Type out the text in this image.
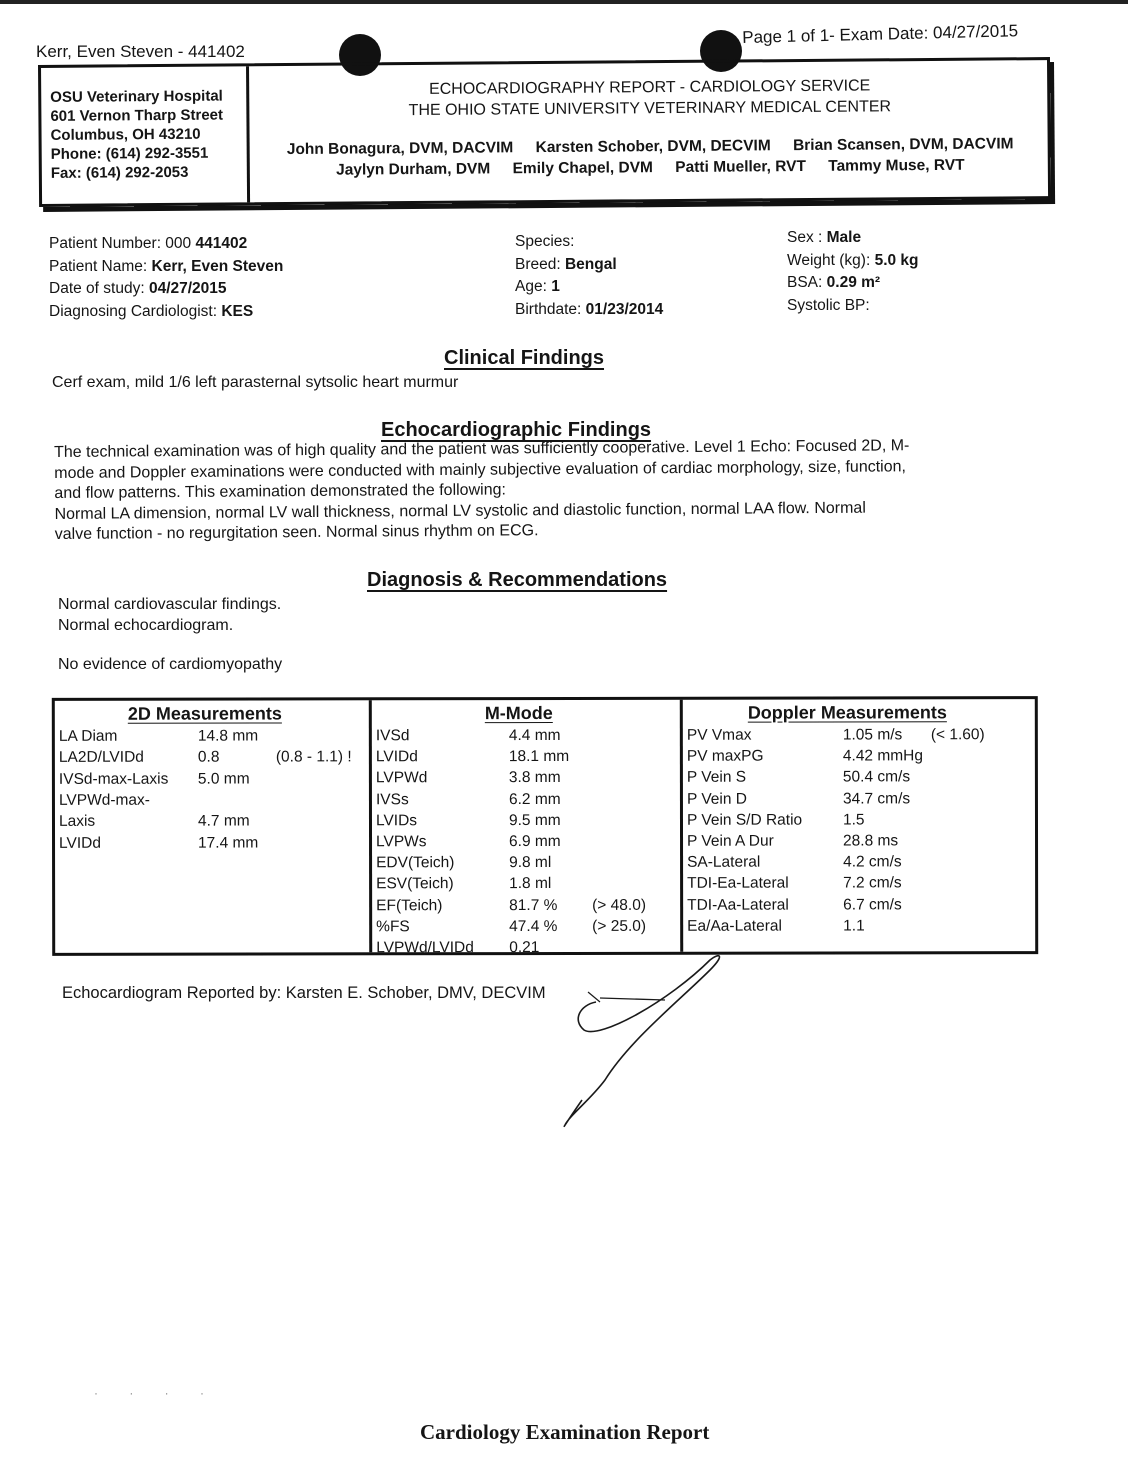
Kerr, Even Steven - 441402
Page 1 of 1- Exam Date: 04/27/2015
OSU Veterinary Hospital
601 Vernon Tharp Street
Columbus, OH 43210
Phone: (614) 292-3551
Fax: (614) 292-2053
ECHOCARDIOGRAPHY REPORT - CARDIOLOGY SERVICE
THE OHIO STATE UNIVERSITY VETERINARY MEDICAL CENTER
John Bonagura, DVM, DACVIM Karsten Schober, DVM, DECVIM Brian Scansen, DVM, DACVIM
Jaylyn Durham, DVM Emily Chapel, DVM Patti Mueller, RVT Tammy Muse, RVT
Patient Number: 000 441402
Patient Name: Kerr, Even Steven
Date of study: 04/27/2015
Diagnosing Cardiologist: KES
Species:
Breed: Bengal
Age: 1
Birthdate: 01/23/2014
Sex : Male
Weight (kg): 5.0 kg
BSA: 0.29 m²
Systolic BP:
Clinical Findings
Cerf exam, mild 1/6 left parasternal sytsolic heart murmur
Echocardiographic Findings
The technical examination was of high quality and the patient was sufficiently cooperative. Level 1 Echo: Focused 2D, M-
mode and Doppler examinations were conducted with mainly subjective evaluation of cardiac morphology, size, function,
and flow patterns. This examination demonstrated the following:
Normal LA dimension, normal LV wall thickness, normal LV systolic and diastolic function, normal LAA flow. Normal
valve function - no regurgitation seen. Normal sinus rhythm on ECG.
Diagnosis & Recommendations
Normal cardiovascular findings.
Normal echocardiogram.
No evidence of cardiomyopathy
2D Measurements
LA Diam	14.8 mm
LA2D/LVIDd	0.8	(0.8 - 1.1) !
IVSd-max-Laxis 5.0 mm
LVPWd-max-
Laxis	4.7 mm
LVIDd	17.4 mm
M-Mode
IVSd	4.4 mm
LVIDd	18.1 mm
LVPWd	3.8 mm
IVSs	6.2 mm
LVIDs	9.5 mm
LVPWs	6.9 mm
EDV(Teich)	9.8 ml
ESV(Teich)	1.8 ml
EF(Teich)	81.7 % (> 48.0)
%FS	47.4 % (> 25.0)
LVPWd/LVIDd 0.21
Doppler Measurements
PV Vmax	1.05 m/s (< 1.60)
PV maxPG	4.42 mmHg
P Vein S	50.4 cm/s
P Vein D	34.7 cm/s
P Vein S/D Ratio	1.5
P Vein A Dur	28.8 ms
SA-Lateral	4.2 cm/s
TDI-Ea-Lateral	7.2 cm/s
TDI-Aa-Lateral	6.7 cm/s
Ea/Aa-Lateral	1.1
Echocardiogram Reported by: Karsten E. Schober, DMV, DECVIM
· · · ·
Cardiology Examination Report
